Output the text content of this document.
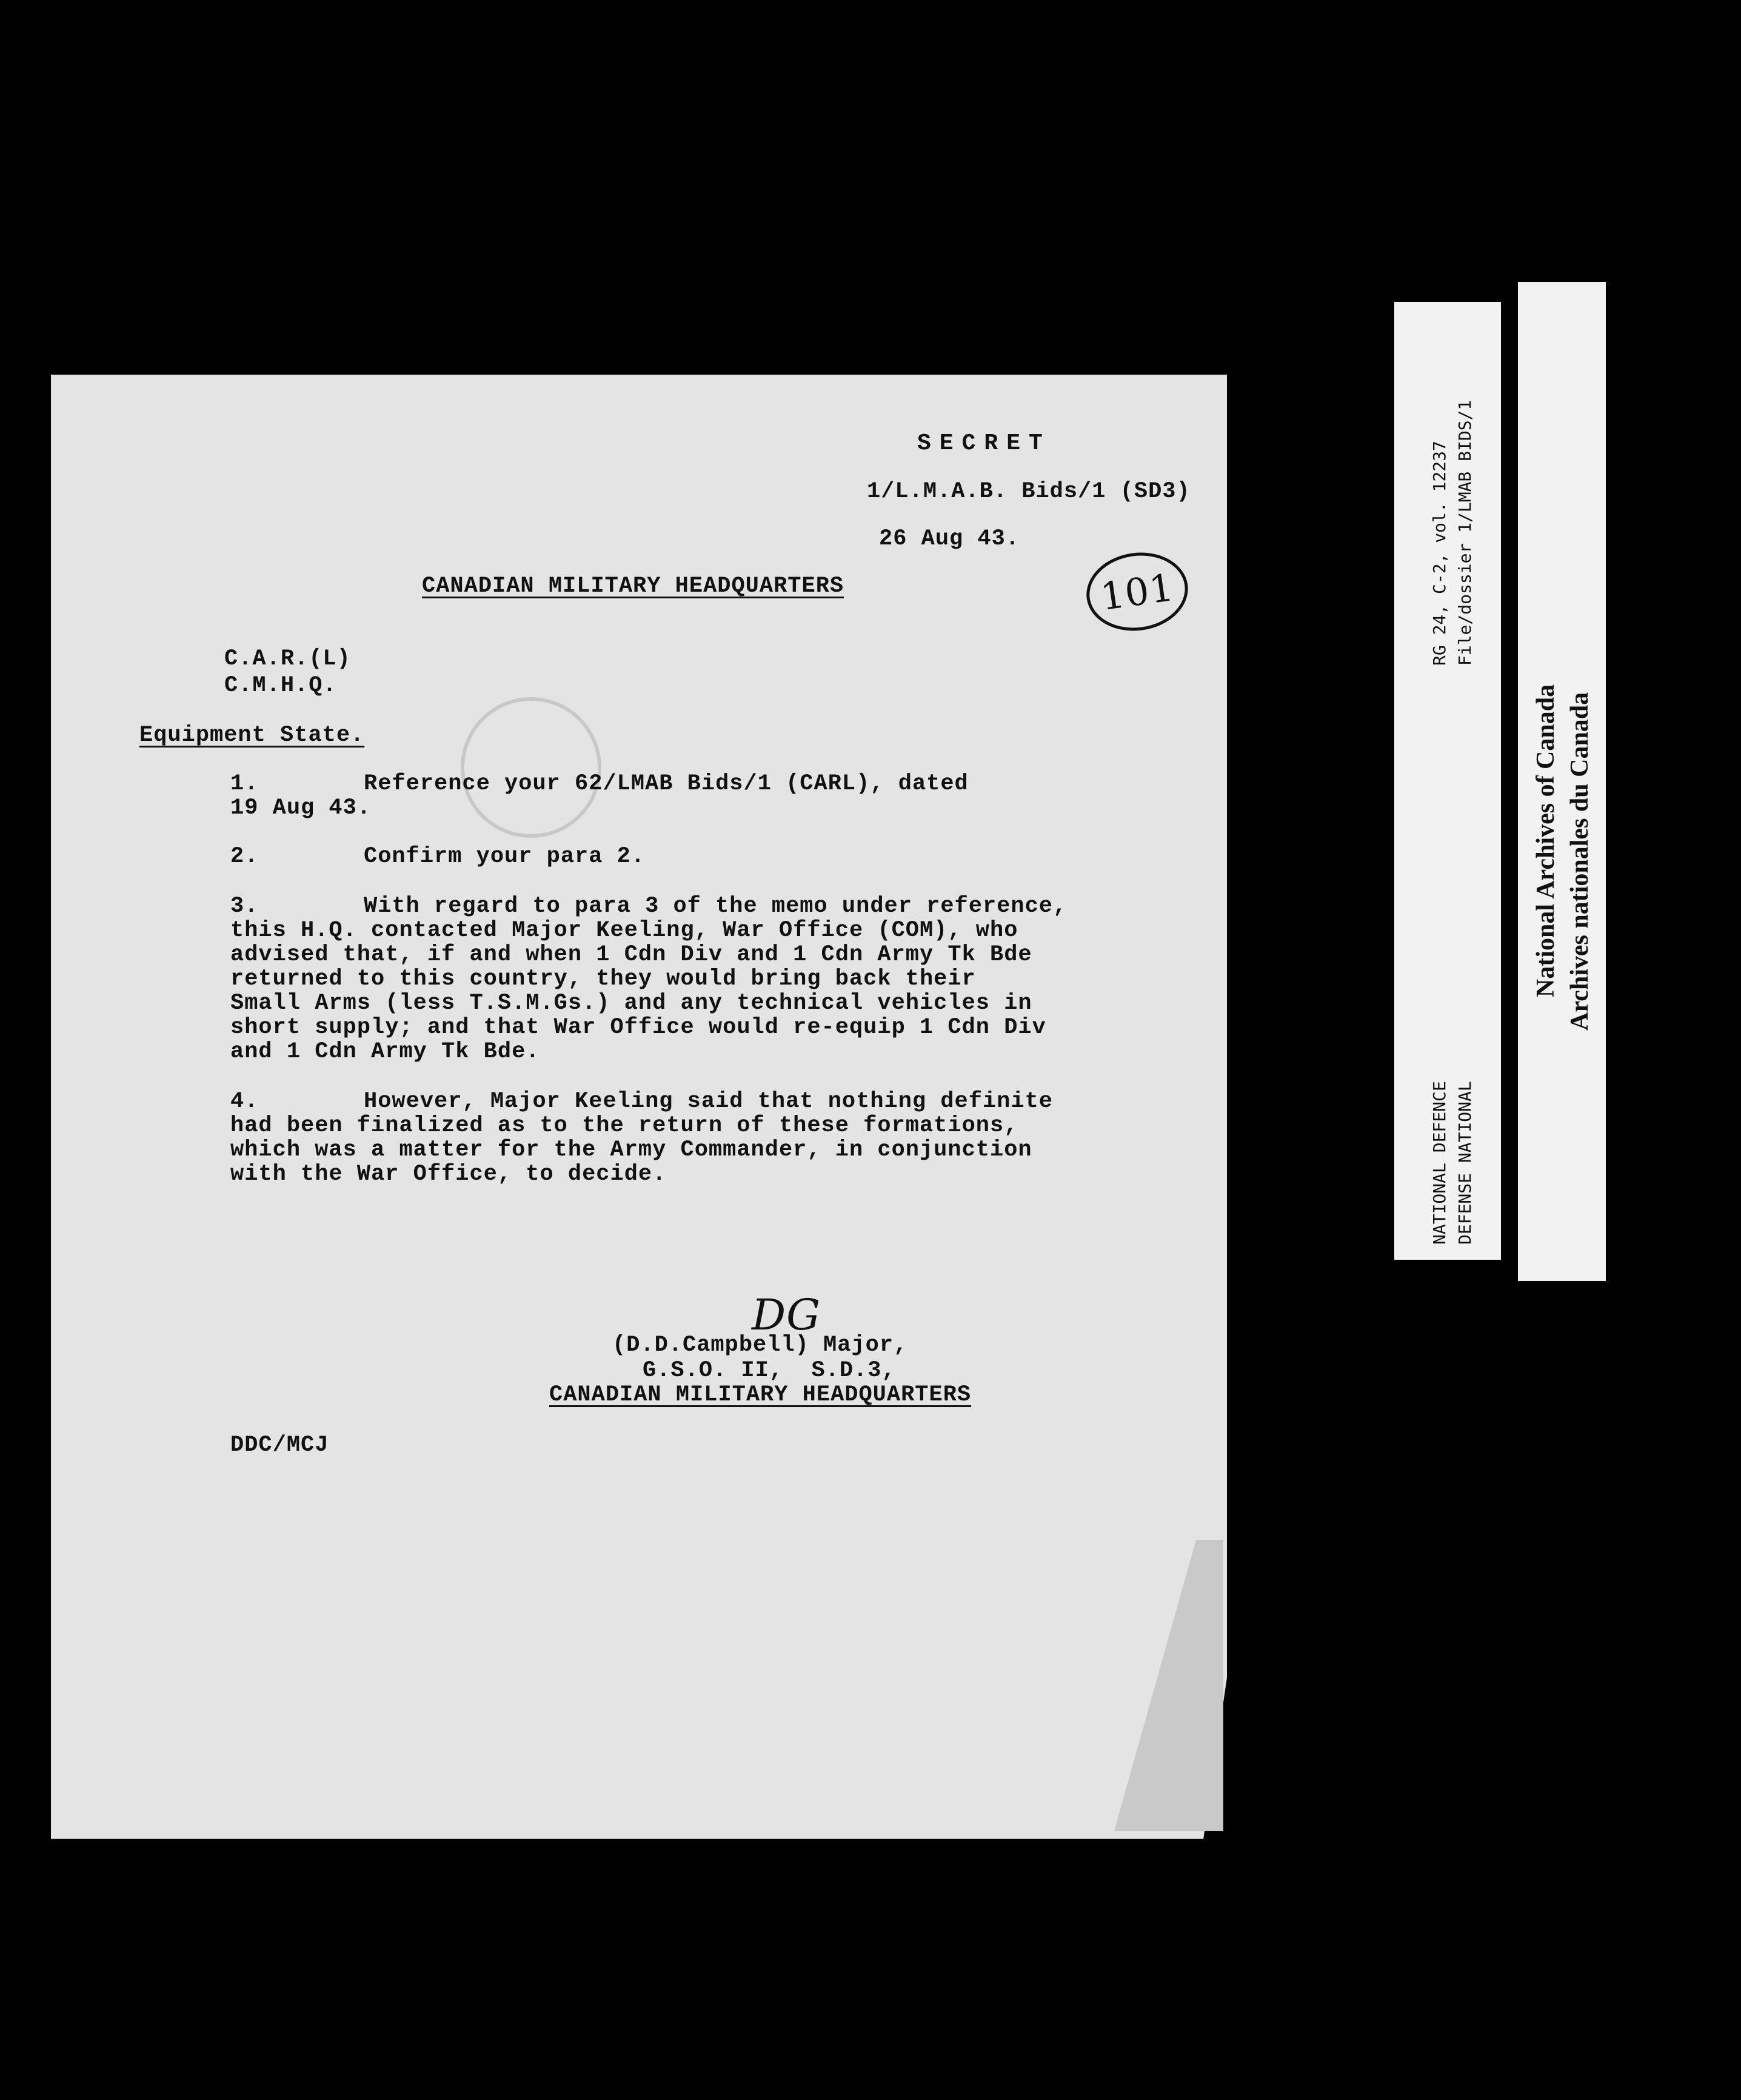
SECRET
1/L.M.A.B. Bids/1 (SD3)
26 Aug 43.
101
CANADIAN MILITARY HEADQUARTERS
C.A.R.(L)
C.M.H.Q.
Equipment State.
1.	Reference your 62/LMAB Bids/1 (CARL), dated
19 Aug 43.
2.	Confirm your para 2.
3.	With regard to para 3 of the memo under reference,
this H.Q. contacted Major Keeling, War Office (COM), who
advised that, if and when 1 Cdn Div and 1 Cdn Army Tk Bde
returned to this country, they would bring back their
Small Arms (less T.S.M.Gs.) and any technical vehicles in
short supply; and that War Office would re-equip 1 Cdn Div
and 1 Cdn Army Tk Bde.
4.	However, Major Keeling said that nothing definite
had been finalized as to the return of these formations,
which was a matter for the Army Commander, in conjunction
with the War Office, to decide.
DG
(D.D.Campbell) Major,
G.S.O. II,  S.D.3,
CANADIAN MILITARY HEADQUARTERS
DDC/MCJ
RG 24, C-2, vol. 12237 File/dossier 1/LMAB BIDS/1
NATIONAL DEFENCE DEFENSE NATIONAL
National Archives of Canada Archives nationales du Canada
